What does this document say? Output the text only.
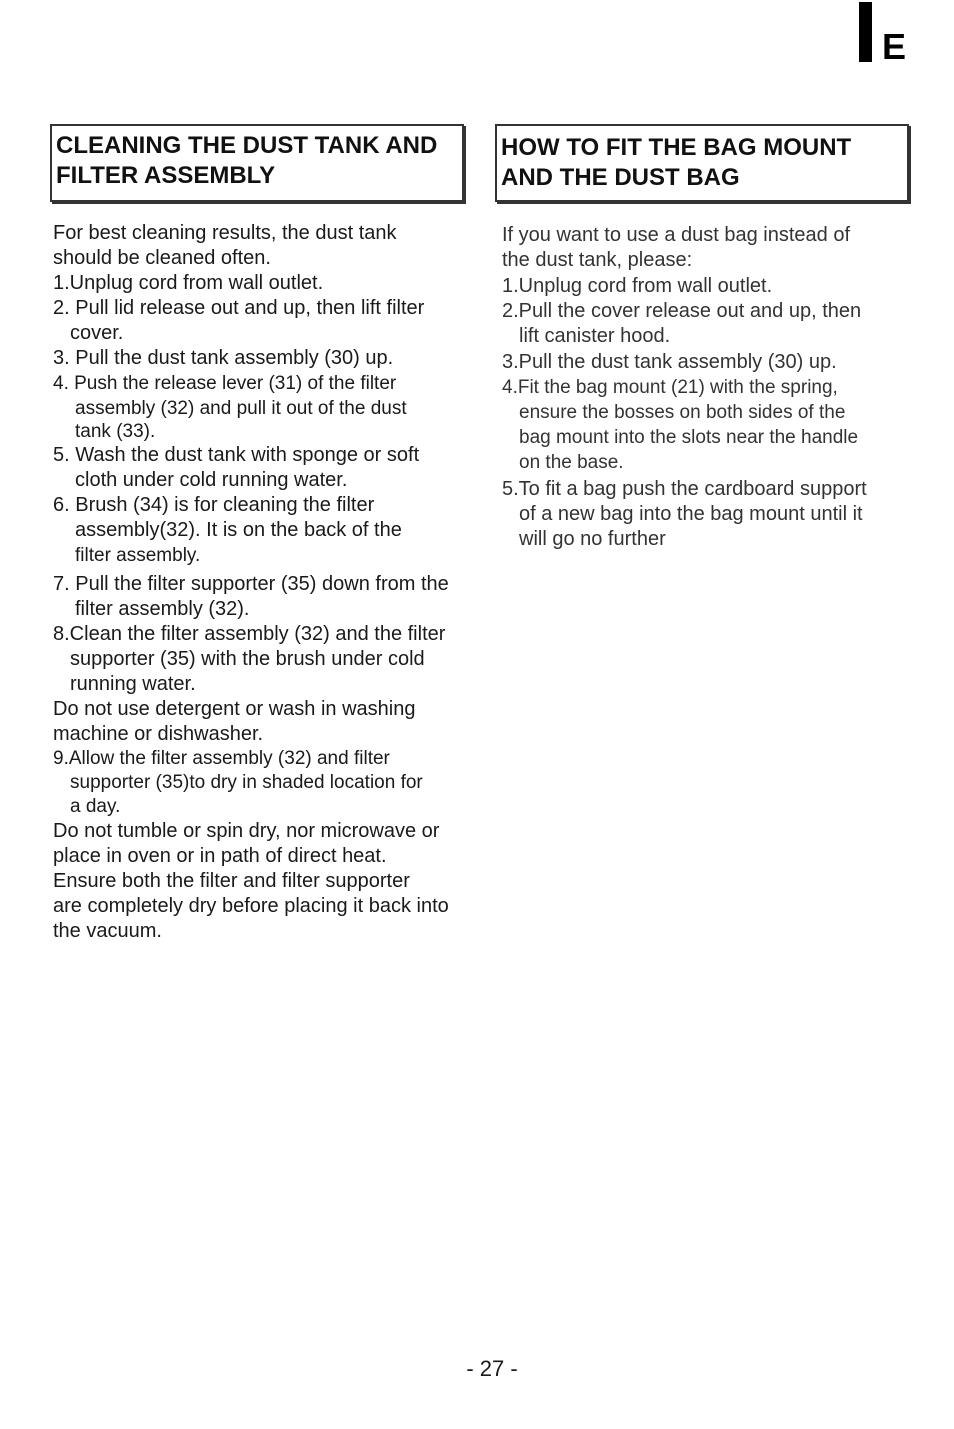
E
CLEANING THE DUST TANK AND
FILTER ASSEMBLY
HOW TO FIT THE BAG MOUNT
AND THE DUST BAG

For best cleaning results, the dust tank

should be cleaned often.

1.Unplug cord from wall outlet.

2. Pull lid release out and up, then lift filter

cover.

3. Pull the dust tank assembly (30) up.

4. Push the release lever (31) of the filter

assembly (32) and pull it out of the dust

tank (33).

5. Wash the dust tank with sponge or soft

cloth under cold running water.

6. Brush (34) is for cleaning the filter

assembly(32). It is on the back of the

filter assembly.

7. Pull the filter supporter (35) down from the

filter assembly (32).

8.Clean the filter assembly (32) and the filter

supporter (35) with the brush under cold

running water.

Do not use detergent or wash in washing

machine or dishwasher.

9.Allow the filter assembly (32) and filter

supporter (35)to dry in shaded location for

a day.

Do not tumble or spin dry, nor microwave or

place in oven or in path of direct heat.

Ensure both the filter and filter supporter

are completely dry before placing it back into

the vacuum.

If you want to use a dust bag instead of

the dust tank, please:

1.Unplug cord from wall outlet.

2.Pull the cover release out and up, then

lift canister hood.

3.Pull the dust tank assembly (30) up.

4.Fit the bag mount (21) with the spring,

ensure the bosses on both sides of the

bag mount into the slots near the handle

on the base.

5.To fit a bag push the cardboard support

of a new bag into the bag mount until it

will go no further

- 27 -
